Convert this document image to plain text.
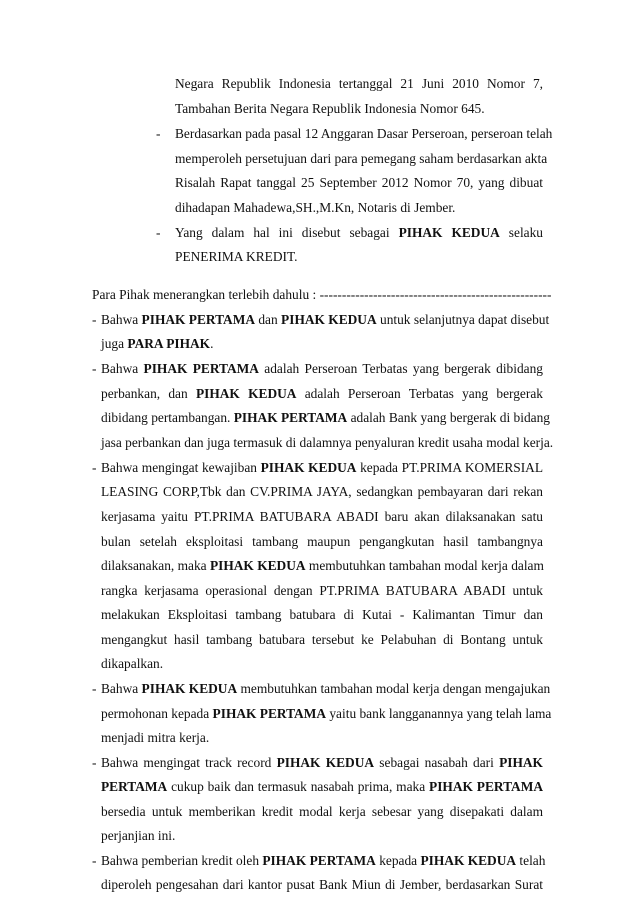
Negara Republik Indonesia tertanggal 21 Juni 2010 Nomor 7,
Tambahan Berita Negara Republik Indonesia Nomor 645.
- Berdasarkan pada pasal 12 Anggaran Dasar Perseroan, perseroan telah
memperoleh persetujuan dari para pemegang saham berdasarkan akta
Risalah Rapat tanggal 25 September 2012 Nomor 70, yang dibuat
dihadapan Mahadewa,SH.,M.Kn, Notaris di Jember.
- Yang dalam hal ini disebut sebagai PIHAK KEDUA selaku
PENERIMA KREDIT.
Para Pihak menerangkan terlebih dahulu : ----------------------------------------------------
- Bahwa PIHAK PERTAMA dan PIHAK KEDUA untuk selanjutnya dapat disebut
juga PARA PIHAK.
- Bahwa PIHAK PERTAMA adalah Perseroan Terbatas yang bergerak dibidang
perbankan, dan PIHAK KEDUA adalah Perseroan Terbatas yang bergerak
dibidang pertambangan. PIHAK PERTAMA adalah Bank yang bergerak di bidang
jasa perbankan dan juga termasuk di dalamnya penyaluran kredit usaha modal kerja.
- Bahwa mengingat kewajiban PIHAK KEDUA kepada PT.PRIMA KOMERSIAL
LEASING CORP,Tbk dan CV.PRIMA JAYA, sedangkan pembayaran dari rekan
kerjasama yaitu PT.PRIMA BATUBARA ABADI baru akan dilaksanakan satu
bulan setelah eksploitasi tambang maupun pengangkutan hasil tambangnya
dilaksanakan, maka PIHAK KEDUA membutuhkan tambahan modal kerja dalam
rangka kerjasama operasional dengan PT.PRIMA BATUBARA ABADI untuk
melakukan Eksploitasi tambang batubara di Kutai - Kalimantan Timur dan
mengangkut hasil tambang batubara tersebut ke Pelabuhan di Bontang untuk
dikapalkan.
- Bahwa PIHAK KEDUA membutuhkan tambahan modal kerja dengan mengajukan
permohonan kepada PIHAK PERTAMA yaitu bank langganannya yang telah lama
menjadi mitra kerja.
- Bahwa mengingat track record PIHAK KEDUA sebagai nasabah dari PIHAK
PERTAMA cukup baik dan termasuk nasabah prima, maka PIHAK PERTAMA
bersedia untuk memberikan kredit modal kerja sebesar yang disepakati dalam
perjanjian ini.
- Bahwa pemberian kredit oleh PIHAK PERTAMA kepada PIHAK KEDUA telah
diperoleh pengesahan dari kantor pusat Bank Miun di Jember, berdasarkan Surat
